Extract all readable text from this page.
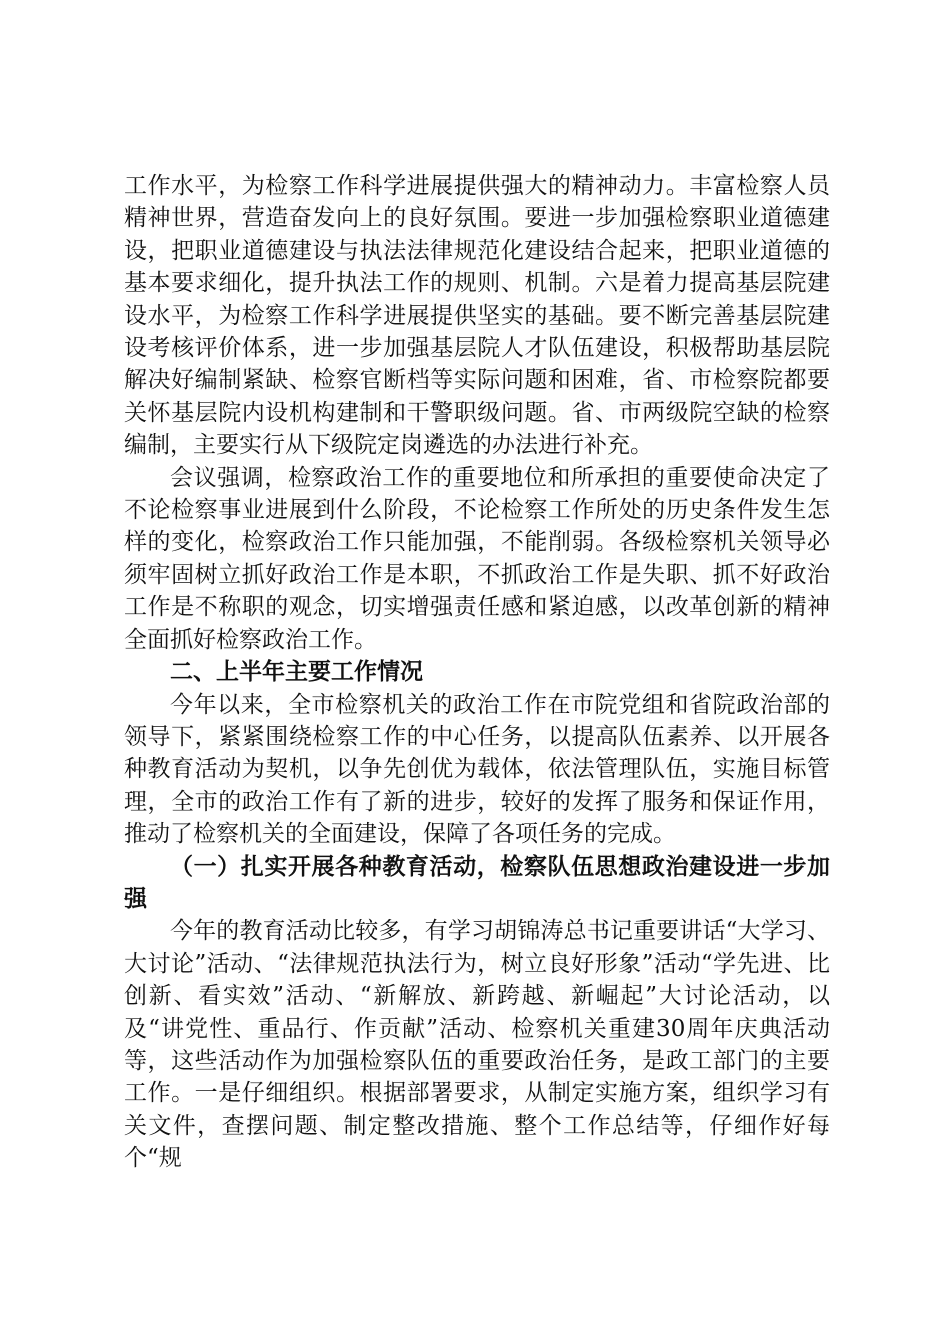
工作水平，为检察工作科学进展提供强大的精神动力。丰富检察人员精神世界，营造奋发向上的良好氛围。要进一步加强检察职业道德建设，把职业道德建设与执法法律规范化建设结合起来，把职业道德的基本要求细化，提升执法工作的规则、机制。六是着力提高基层院建设水平，为检察工作科学进展提供坚实的基础。要不断完善基层院建设考核评价体系，进一步加强基层院人才队伍建设，积极帮助基层院解决好编制紧缺、检察官断档等实际问题和困难，省、市检察院都要关怀基层院内设机构建制和干警职级问题。省、市两级院空缺的检察编制，主要实行从下级院定岗遴选的办法进行补充。

会议强调，检察政治工作的重要地位和所承担的重要使命决定了不论检察事业进展到什么阶段，不论检察工作所处的历史条件发生怎样的变化，检察政治工作只能加强，不能削弱。各级检察机关领导必须牢固树立抓好政治工作是本职，不抓政治工作是失职、抓不好政治工作是不称职的观念，切实增强责任感和紧迫感，以改革创新的精神全面抓好检察政治工作。

二、上半年主要工作情况

今年以来，全市检察机关的政治工作在市院党组和省院政治部的领导下，紧紧围绕检察工作的中心任务，以提高队伍素养、以开展各种教育活动为契机，以争先创优为载体，依法管理队伍，实施目标管理，全市的政治工作有了新的进步，较好的发挥了服务和保证作用，推动了检察机关的全面建设，保障了各项任务的完成。

（一）扎实开展各种教育活动，检察队伍思想政治建设进一步加强

今年的教育活动比较多，有学习胡锦涛总书记重要讲话“大学习、大讨论”活动、“法律规范执法行为，树立良好形象”活动“学先进、比创新、看实效”活动、“新解放、新跨越、新崛起”大讨论活动，以及“讲党性、重品行、作贡献”活动、检察机关重建30周年庆典活动等，这些活动作为加强检察队伍的重要政治任务，是政工部门的主要工作。一是仔细组织。根据部署要求，从制定实施方案，组织学习有关文件，查摆问题、制定整改措施、整个工作总结等，仔细作好每个“规
